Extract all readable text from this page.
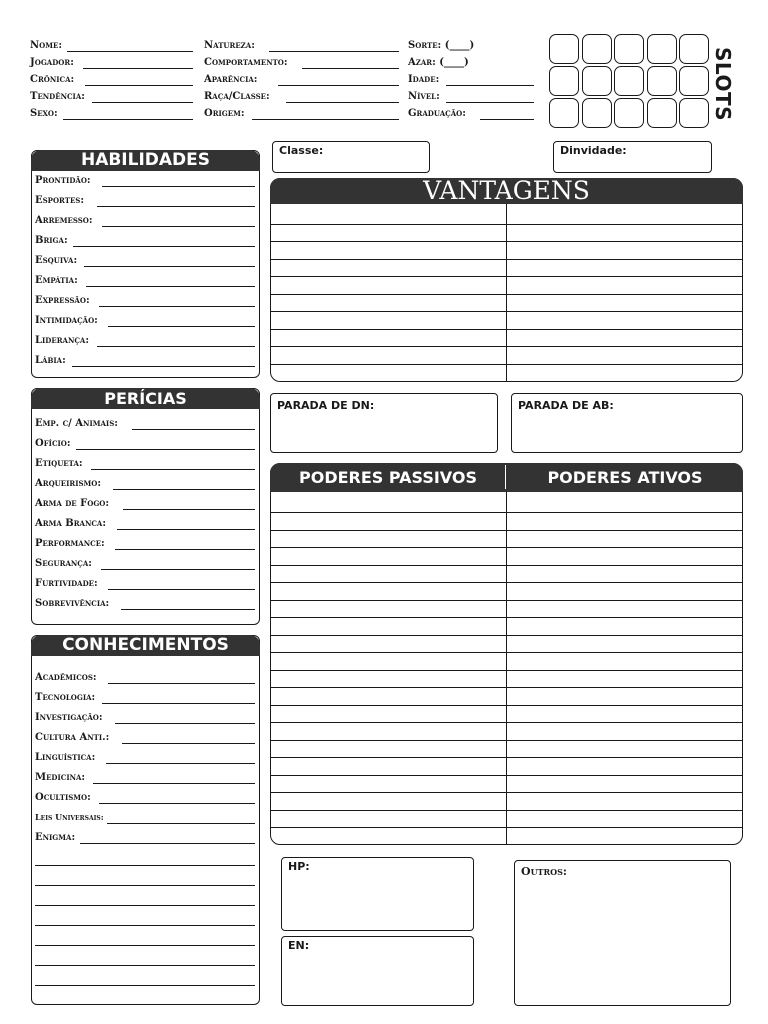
Nome:
Jogador:
Crônica:
Tendência:
Sexo:
Natureza:
Comportamento:
Aparência:
Raça/Classe:
Origem:
Sorte: (____)
Azar: (____)
Idade:
Nível:
Graduação:	SLOTS
Classe:	Dinvidade:
HABILIDADES
Prontidão:
Esportes:
Arremesso:
Briga:
Esquiva:
Empátia:
Expressão:
Intimidação:
Liderança:
Lábia:
PERÍCIAS
Emp. c/ Animais:
Ofício:
Etiqueta:
Arqueirismo:
Arma de Fogo:
Arma Branca:
Performance:
Segurança:
Furtividade:
Sobrevivência:
CONHECIMENTOS
Acadêmicos:
Tecnologia:
Investigação:
Cultura Anti.:
Linguística:
Medicina:
Ocultismo:
Leis Universais:
Enigma:
VANTAGENS
PARADA DE DN:	PARADA DE AB:
PODERES PASSIVOS	PODERES ATIVOS
HP:
EN:
Outros:
